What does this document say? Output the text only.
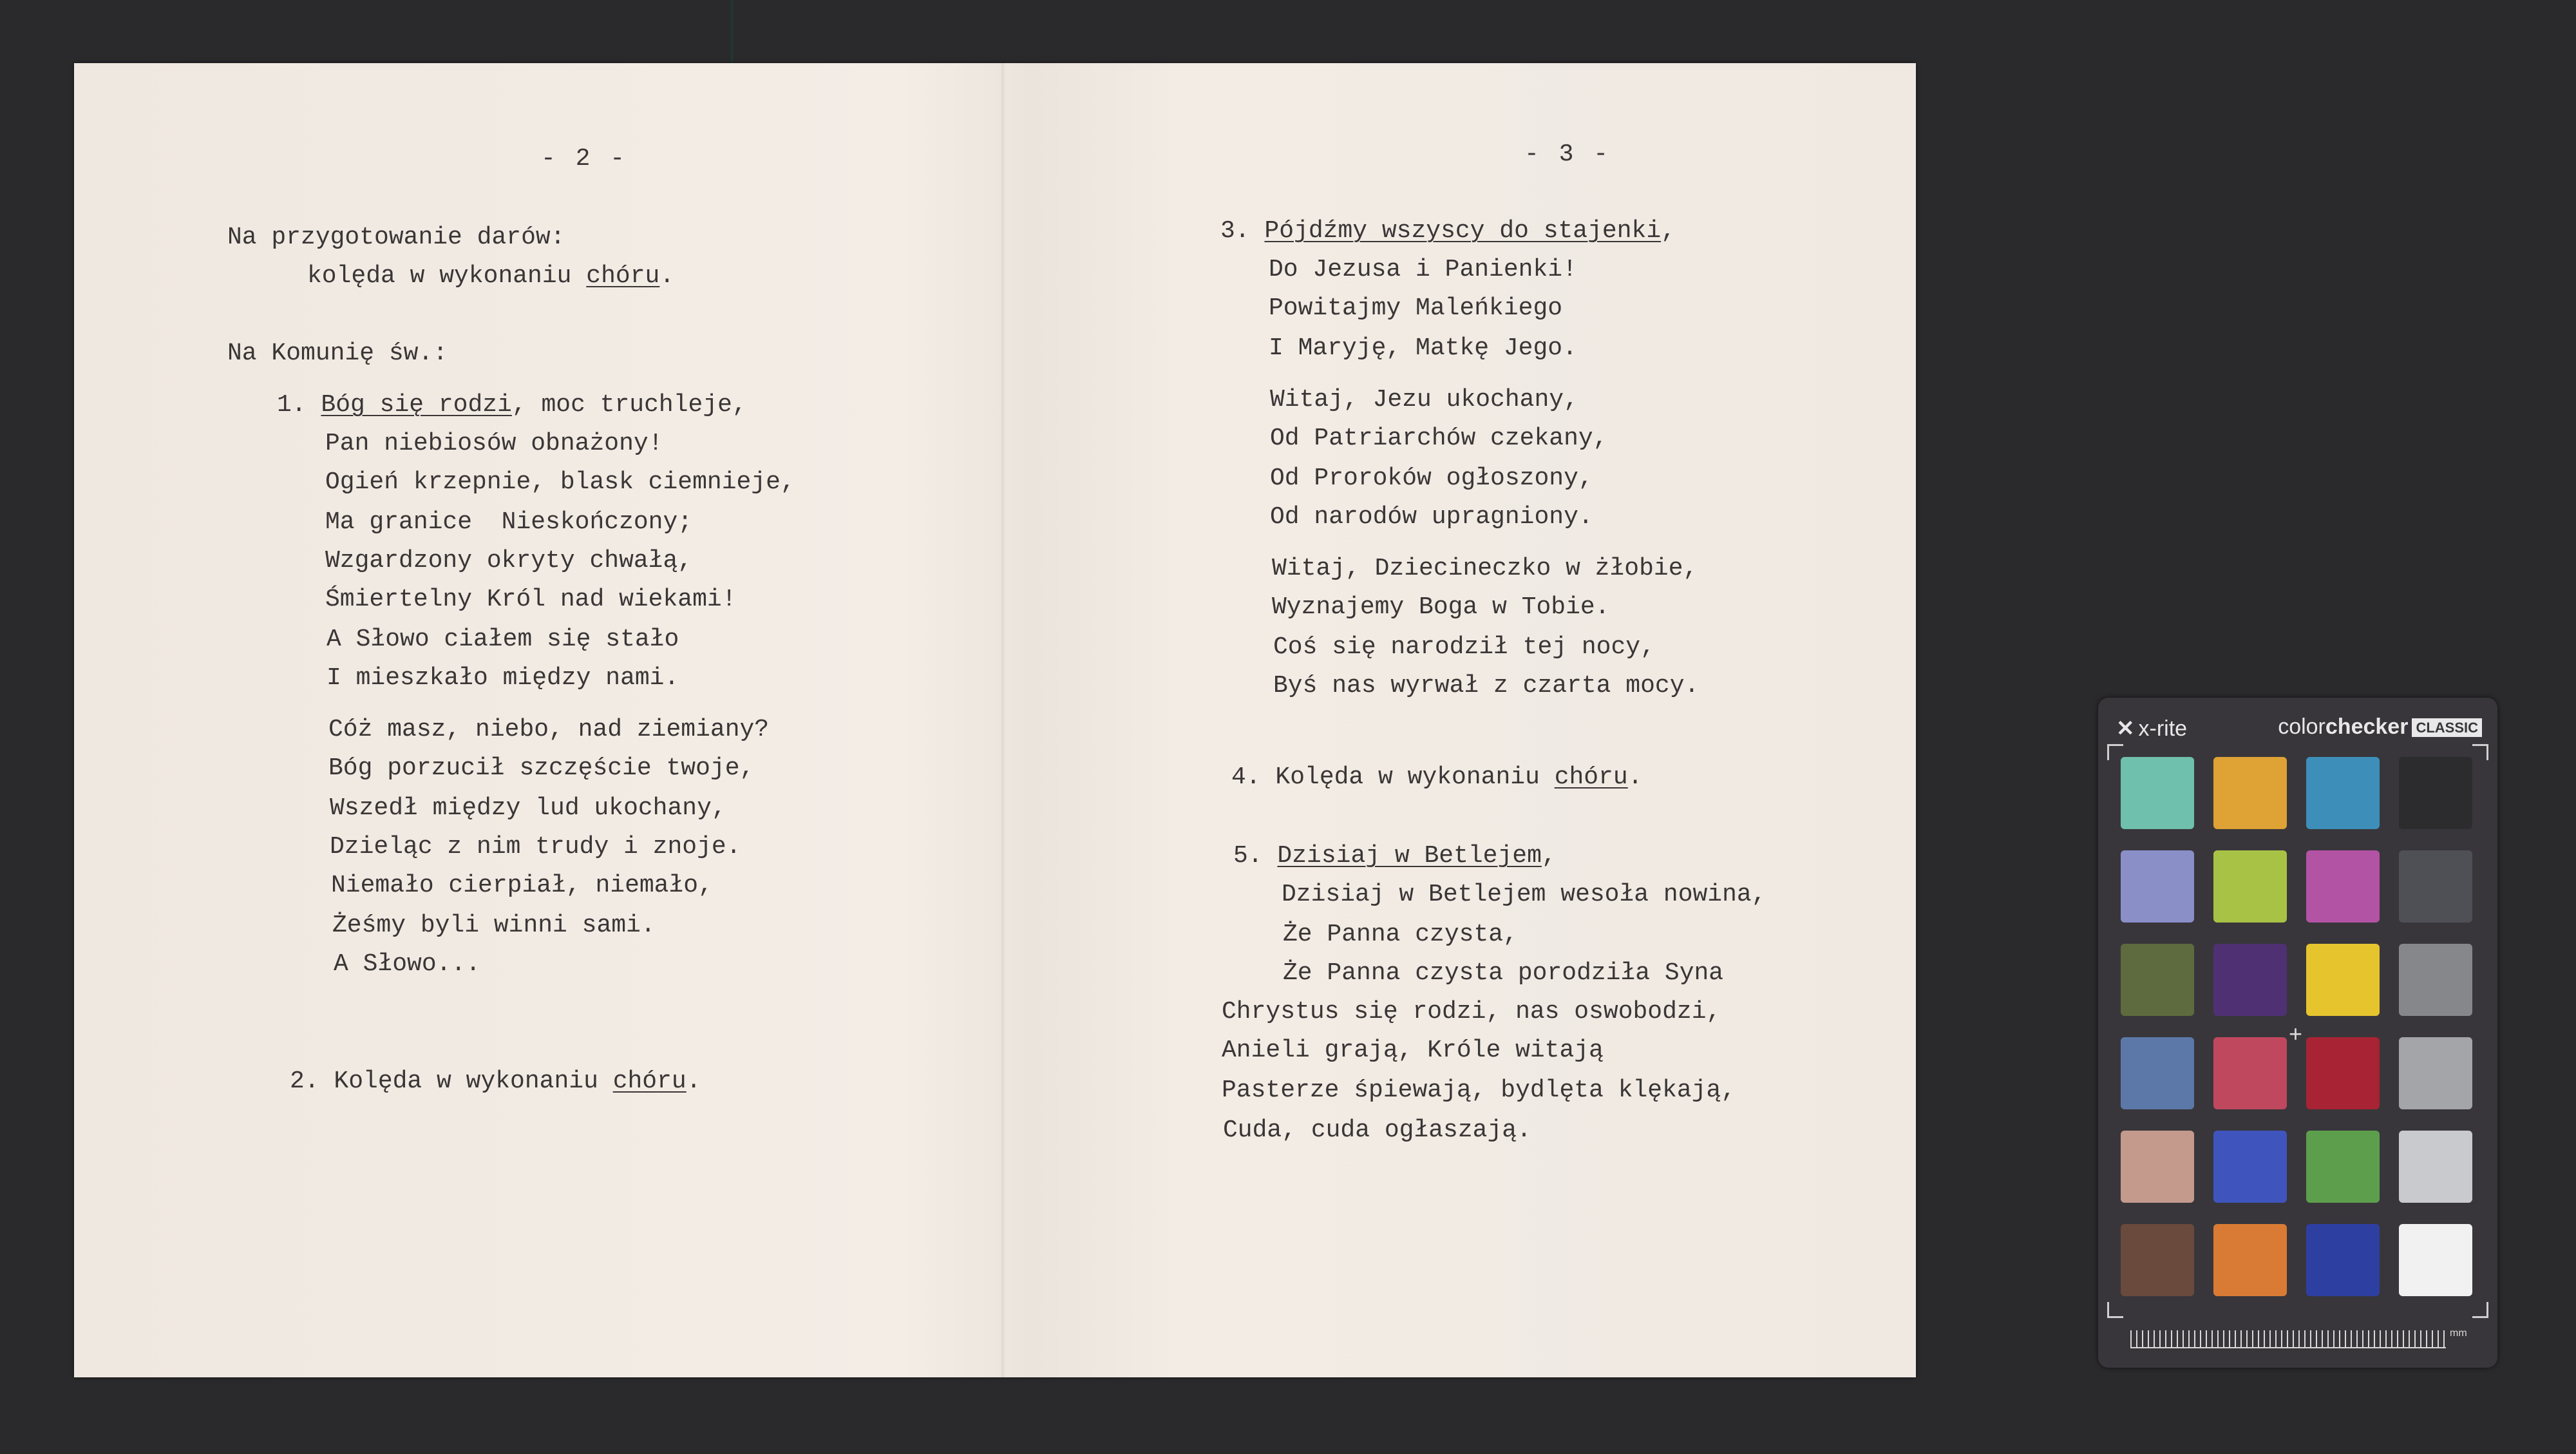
- 2 -
Na przygotowanie darów:
kolęda w wykonaniu chóru.
Na Komunię św.:
1. Bóg się rodzi, moc truchleje,
Pan niebiosów obnażony!
Ogień krzepnie, blask ciemnieje,
Ma granice  Nieskończony;
Wzgardzony okryty chwałą,
Śmiertelny Król nad wiekami!
A Słowo ciałem się stało
I mieszkało między nami.
Cóż masz, niebo, nad ziemiany?
Bóg porzucił szczęście twoje,
Wszedł między lud ukochany,
Dzieląc z nim trudy i znoje.
Niemało cierpiał, niemało,
Żeśmy byli winni sami.
A Słowo...
2. Kolęda w wykonaniu chóru.
- 3 -
3. Pójdźmy wszyscy do stajenki,
Do Jezusa i Panienki!
Powitajmy Maleńkiego
I Maryję, Matkę Jego.
Witaj, Jezu ukochany,
Od Patriarchów czekany,
Od Proroków ogłoszony,
Od narodów upragniony.
Witaj, Dziecineczko w żłobie,
Wyznajemy Boga w Tobie.
Coś się narodził tej nocy,
Byś nas wyrwał z czarta mocy.
4. Kolęda w wykonaniu chóru.
5. Dzisiaj w Betlejem,
Dzisiaj w Betlejem wesoła nowina,
Że Panna czysta,
Że Panna czysta porodziła Syna
Chrystus się rodzi, nas oswobodzi,
Anieli grają, Króle witają
Pasterze śpiewają, bydlęta klękają,
Cuda, cuda ogłaszają.
✕ x-rite	colorchecker CLASSIC
+
mm
